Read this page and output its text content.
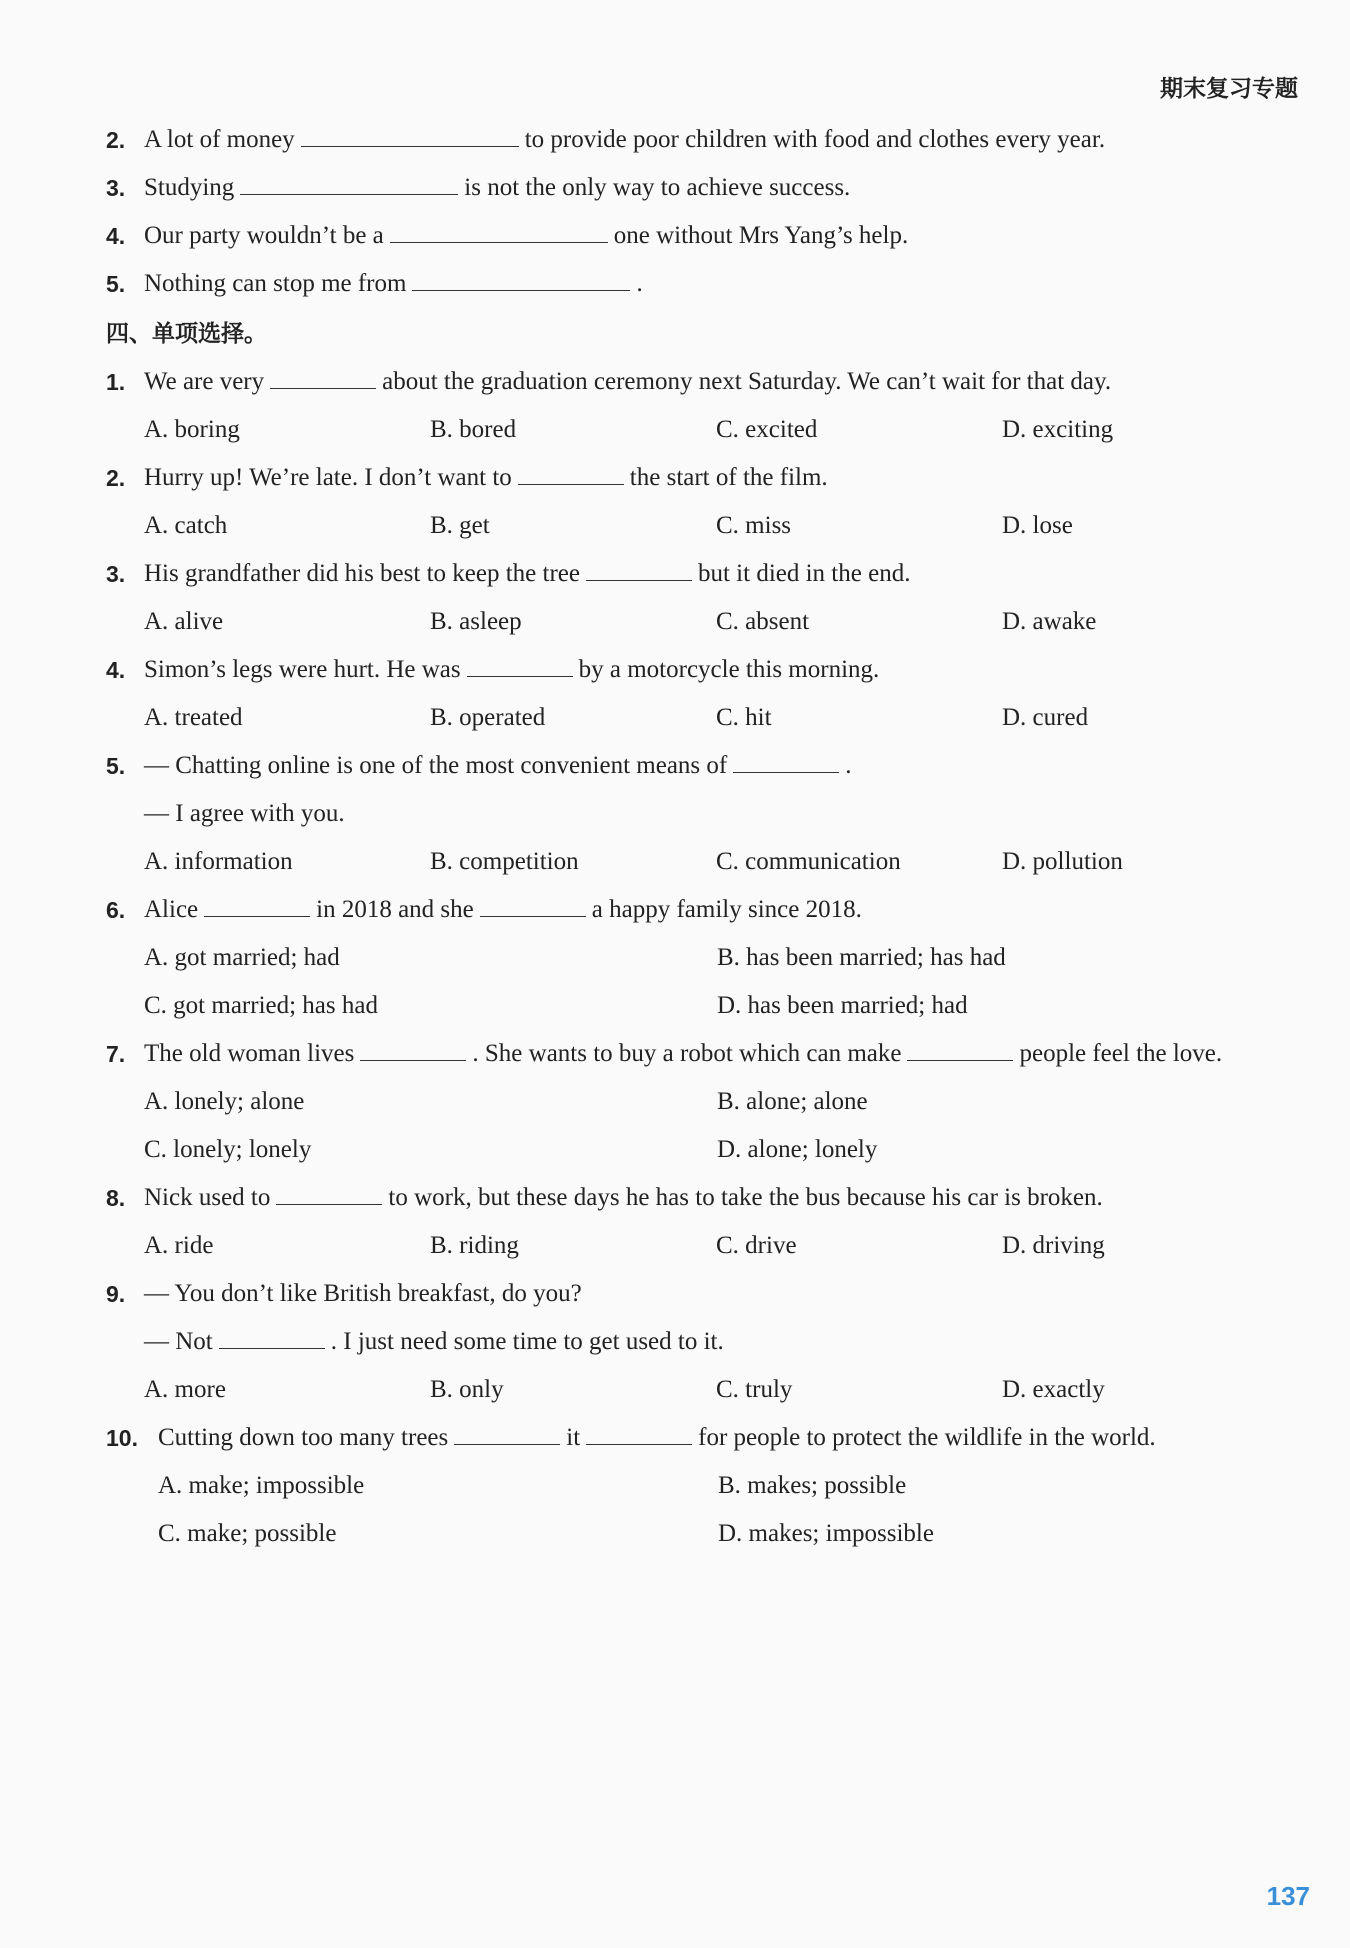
期末复习专题
2. A lot of money	to provide poor children with food and clothes every year.
3. Studying	is not the only way to achieve success.
4. Our party wouldn’t be a	one without Mrs Yang’s help.
5. Nothing can stop me from	.
四、单项选择。
1. We are very	about the graduation ceremony next Saturday. We can’t wait for that day.
A. boring	B. bored	C. excited	D. exciting
2. Hurry up! We’re late. I don’t want to	the start of the film.
A. catch	B. get	C. miss	D. lose
3. His grandfather did his best to keep the tree	but it died in the end.
A. alive	B. asleep	C. absent	D. awake
4. Simon’s legs were hurt. He was	by a motorcycle this morning.
A. treated	B. operated	C. hit	D. cured
5. — Chatting online is one of the most convenient means of	.
— I agree with you.
A. information	B. competition	C. communication	D. pollution
6. Alice	in 2018 and she	a happy family since 2018.
A. got married; had	B. has been married; has had
C. got married; has had	D. has been married; had
7. The old woman lives	. She wants to buy a robot which can make	people feel the love.
A. lonely; alone	B. alone; alone
C. lonely; lonely	D. alone; lonely
8. Nick used to	to work, but these days he has to take the bus because his car is broken.
A. ride	B. riding	C. drive	D. driving
9. — You don’t like British breakfast, do you?
— Not	. I just need some time to get used to it.
A. more	B. only	C. truly	D. exactly
10. Cutting down too many trees	it	for people to protect the wildlife in the world.
A. make; impossible	B. makes; possible
C. make; possible	D. makes; impossible
137
